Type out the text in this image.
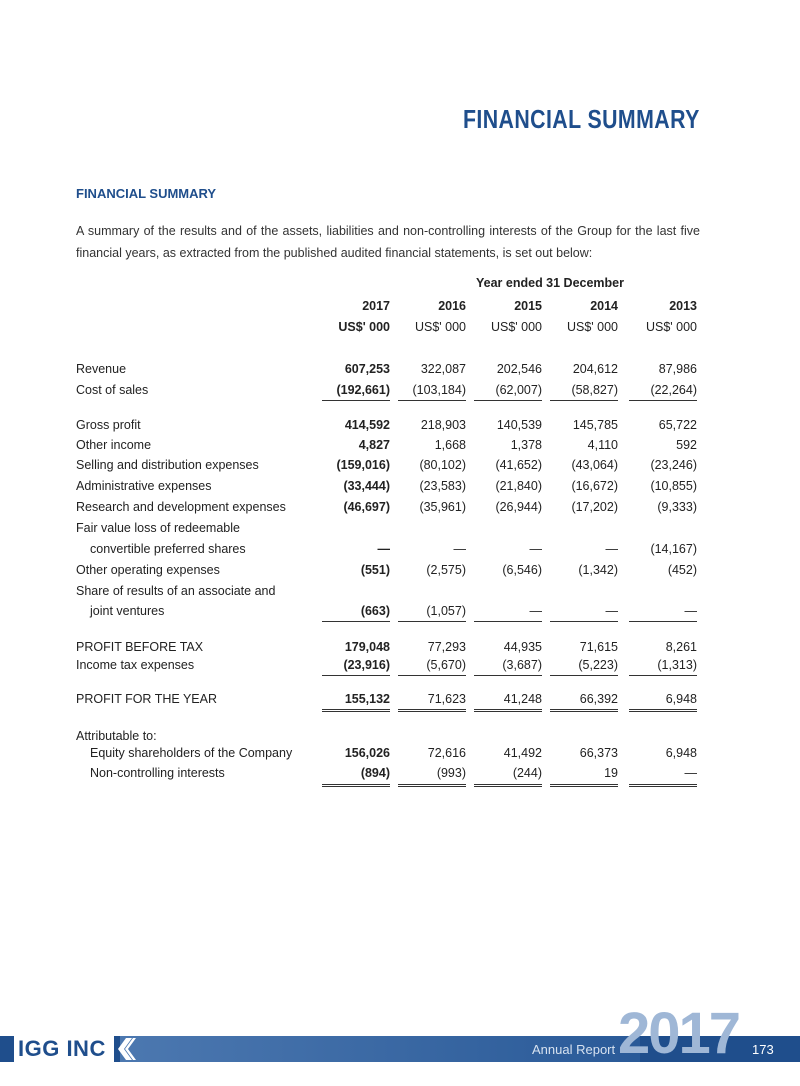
FINANCIAL SUMMARY
FINANCIAL SUMMARY
A summary of the results and of the assets, liabilities and non-controlling interests of the Group for the last five financial years, as extracted from the published audited financial statements, is set out below:
Year ended 31 December
2017	2016	2015	2014	2013
US$' 000	US$' 000	US$' 000	US$' 000	US$' 000
Revenue	607,253	322,087	202,546	204,612	87,986
Cost of sales	(192,661)	(103,184)	(62,007)	(58,827)	(22,264)
Gross profit	414,592	218,903	140,539	145,785	65,722
Other income	4,827	1,668	1,378	4,110	592
Selling and distribution expenses	(159,016)	(80,102)	(41,652)	(43,064)	(23,246)
Administrative expenses	(33,444)	(23,583)	(21,840)	(16,672)	(10,855)
Research and development expenses	(46,697)	(35,961)	(26,944)	(17,202)	(9,333)
Fair value loss of redeemable
convertible preferred shares	—	—	—	—	(14,167)
Other operating expenses	(551)	(2,575)	(6,546)	(1,342)	(452)
Share of results of an associate and
joint ventures	(663)	(1,057)	—	—	—
PROFIT BEFORE TAX	179,048	77,293	44,935	71,615	8,261
Income tax expenses	(23,916)	(5,670)	(3,687)	(5,223)	(1,313)
PROFIT FOR THE YEAR	155,132	71,623	41,248	66,392	6,948
Attributable to:
Equity shareholders of the Company	156,026	72,616	41,492	66,373	6,948
Non-controlling interests	(894)	(993)	(244)	19	—
IGG INC	Annual Report 2017 173
